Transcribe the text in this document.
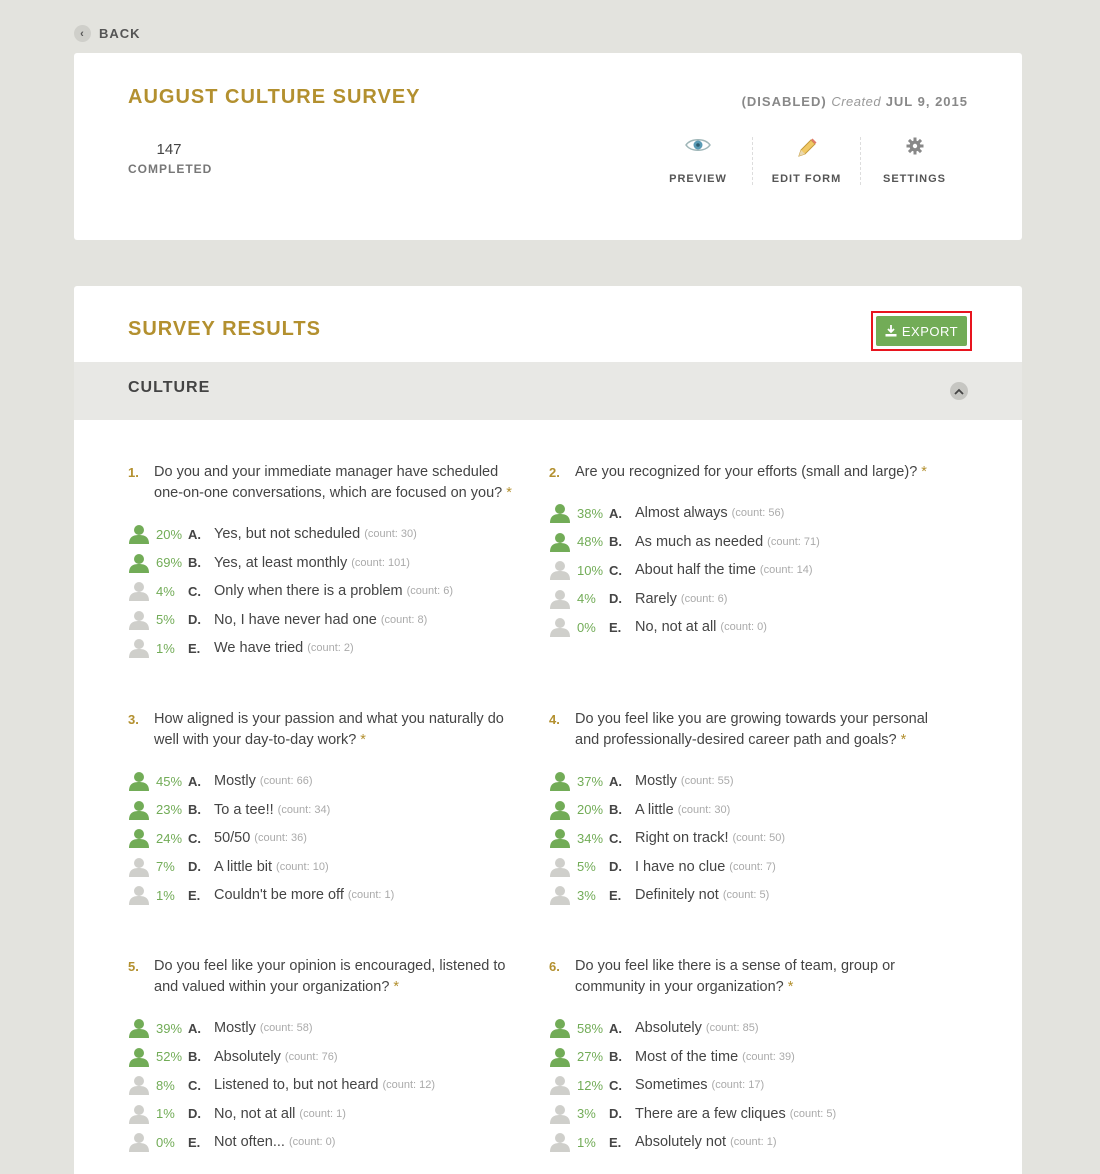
‹	BACK
AUGUST CULTURE SURVEY	(DISABLED) Created JUL 9, 2015
147
COMPLETED
PREVIEW	EDIT FORM	SETTINGS
SURVEY RESULTS	EXPORT
CULTURE
1.	Do you and your immediate manager have scheduled one-on-one conversations, which are focused on you? *
20% A. Yes, but not scheduled (count: 30)
69% B. Yes, at least monthly (count: 101)
4%	C. Only when there is a problem (count: 6)
5%	D. No, I have never had one (count: 8)
1%	E. We have tried (count: 2)
2.	Are you recognized for your efforts (small and large)? *
38% A. Almost always (count: 56)
48% B. As much as needed (count: 71)
10% C. About half the time (count: 14)
4%	D. Rarely (count: 6)
0%	E. No, not at all (count: 0)
3.	How aligned is your passion and what you naturally do well with your day-to-day work? *
45% A. Mostly (count: 66)
23% B. To a tee!! (count: 34)
24% C. 50/50 (count: 36)
7%	D. A little bit (count: 10)
1%	E. Couldn't be more off (count: 1)
4.	Do you feel like you are growing towards your personal and professionally-desired career path and goals? *
37% A. Mostly (count: 55)
20% B. A little (count: 30)
34% C. Right on track! (count: 50)
5%	D. I have no clue (count: 7)
3%	E. Definitely not (count: 5)
5.	Do you feel like your opinion is encouraged, listened to and valued within your organization? *
39% A. Mostly (count: 58)
52% B. Absolutely (count: 76)
8%	C. Listened to, but not heard (count: 12)
1%	D. No, not at all (count: 1)
0%	E. Not often... (count: 0)
6.	Do you feel like there is a sense of team, group or community in your organization? *
58% A. Absolutely (count: 85)
27% B. Most of the time (count: 39)
12% C. Sometimes (count: 17)
3%	D. There are a few cliques (count: 5)
1%	E. Absolutely not (count: 1)
